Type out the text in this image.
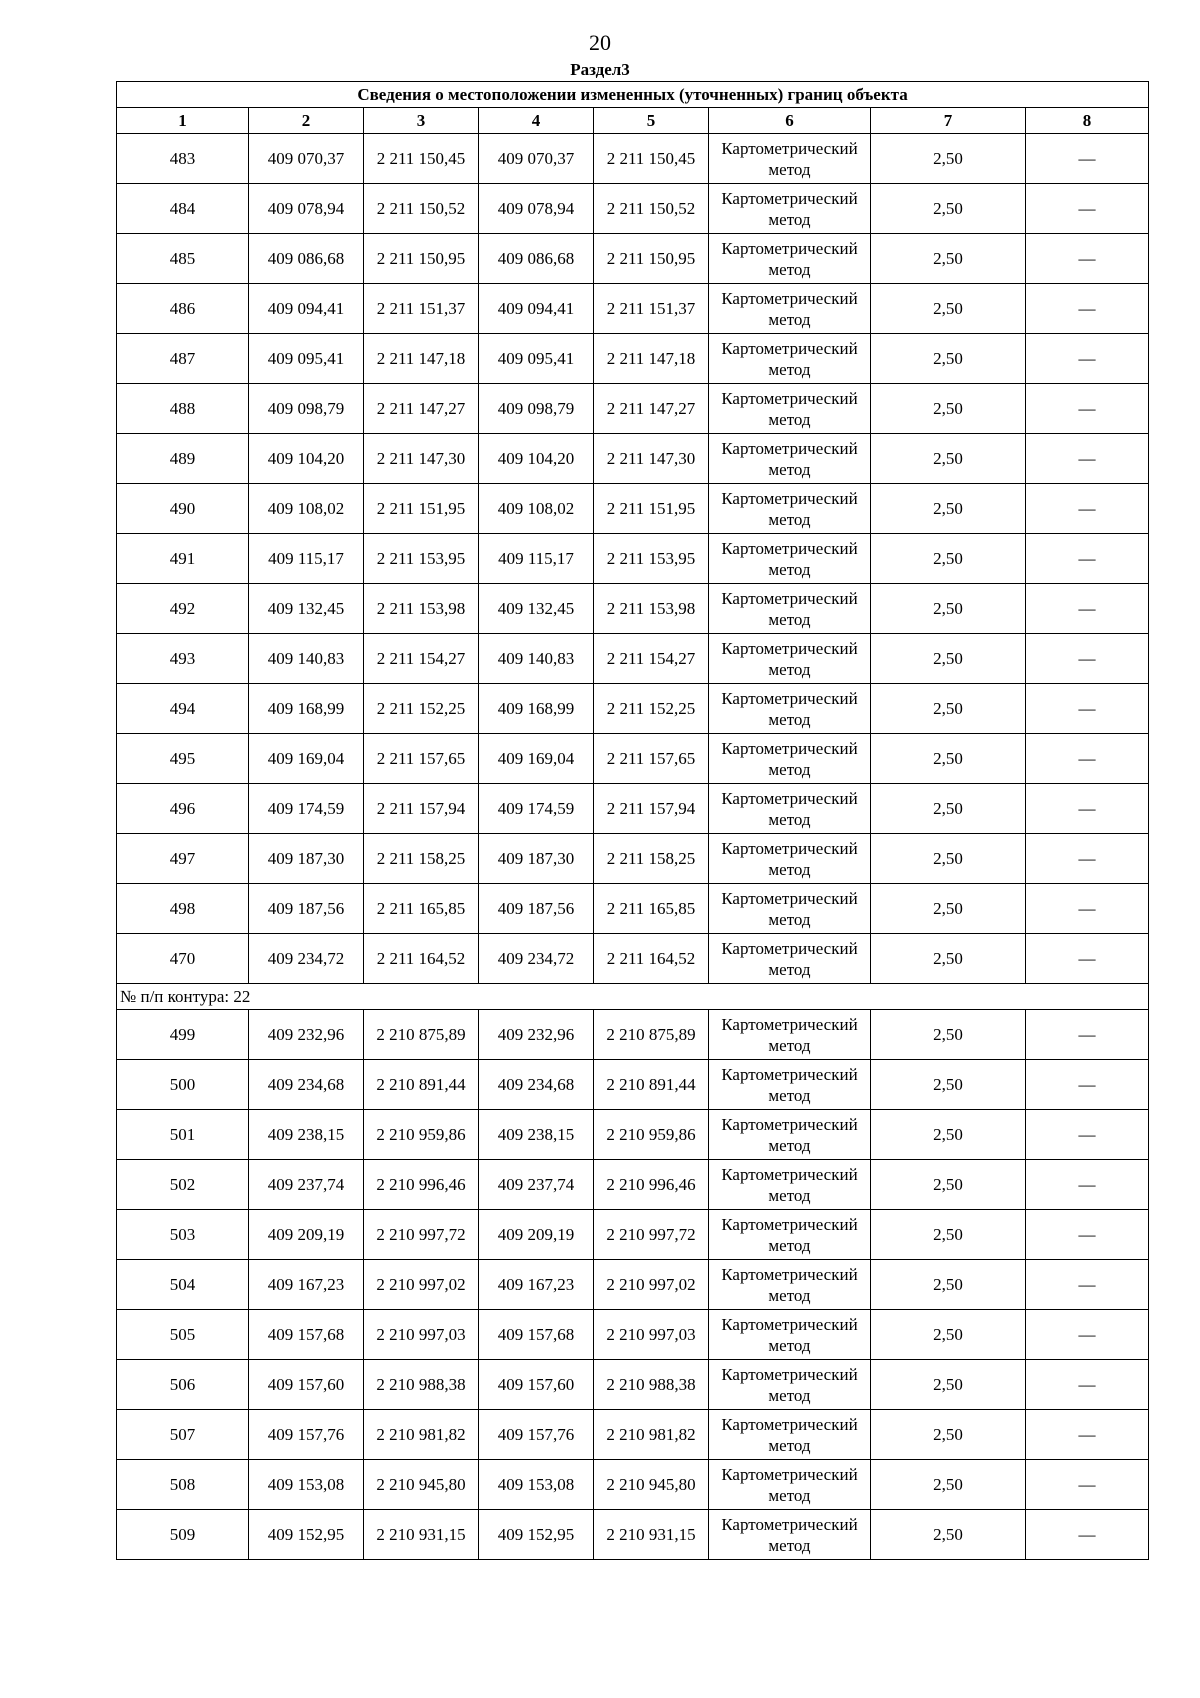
20
Раздел3
Сведения о местоположении измененных (уточненных) границ объекта							
1	2	3	4	5	6	7	8
483	409 070,37	2 211 150,45	409 070,37	2 211 150,45	Картометрический метод	2,50	—
484	409 078,94	2 211 150,52	409 078,94	2 211 150,52	Картометрический метод	2,50	—
485	409 086,68	2 211 150,95	409 086,68	2 211 150,95	Картометрический метод	2,50	—
486	409 094,41	2 211 151,37	409 094,41	2 211 151,37	Картометрический метод	2,50	—
487	409 095,41	2 211 147,18	409 095,41	2 211 147,18	Картометрический метод	2,50	—
488	409 098,79	2 211 147,27	409 098,79	2 211 147,27	Картометрический метод	2,50	—
489	409 104,20	2 211 147,30	409 104,20	2 211 147,30	Картометрический метод	2,50	—
490	409 108,02	2 211 151,95	409 108,02	2 211 151,95	Картометрический метод	2,50	—
491	409 115,17	2 211 153,95	409 115,17	2 211 153,95	Картометрический метод	2,50	—
492	409 132,45	2 211 153,98	409 132,45	2 211 153,98	Картометрический метод	2,50	—
493	409 140,83	2 211 154,27	409 140,83	2 211 154,27	Картометрический метод	2,50	—
494	409 168,99	2 211 152,25	409 168,99	2 211 152,25	Картометрический метод	2,50	—
495	409 169,04	2 211 157,65	409 169,04	2 211 157,65	Картометрический метод	2,50	—
496	409 174,59	2 211 157,94	409 174,59	2 211 157,94	Картометрический метод	2,50	—
497	409 187,30	2 211 158,25	409 187,30	2 211 158,25	Картометрический метод	2,50	—
498	409 187,56	2 211 165,85	409 187,56	2 211 165,85	Картометрический метод	2,50	—
470	409 234,72	2 211 164,52	409 234,72	2 211 164,52	Картометрический метод	2,50	—
№ п/п контура: 22							
499	409 232,96	2 210 875,89	409 232,96	2 210 875,89	Картометрический метод	2,50	—
500	409 234,68	2 210 891,44	409 234,68	2 210 891,44	Картометрический метод	2,50	—
501	409 238,15	2 210 959,86	409 238,15	2 210 959,86	Картометрический метод	2,50	—
502	409 237,74	2 210 996,46	409 237,74	2 210 996,46	Картометрический метод	2,50	—
503	409 209,19	2 210 997,72	409 209,19	2 210 997,72	Картометрический метод	2,50	—
504	409 167,23	2 210 997,02	409 167,23	2 210 997,02	Картометрический метод	2,50	—
505	409 157,68	2 210 997,03	409 157,68	2 210 997,03	Картометрический метод	2,50	—
506	409 157,60	2 210 988,38	409 157,60	2 210 988,38	Картометрический метод	2,50	—
507	409 157,76	2 210 981,82	409 157,76	2 210 981,82	Картометрический метод	2,50	—
508	409 153,08	2 210 945,80	409 153,08	2 210 945,80	Картометрический метод	2,50	—
509	409 152,95	2 210 931,15	409 152,95	2 210 931,15	Картометрический метод	2,50	—
